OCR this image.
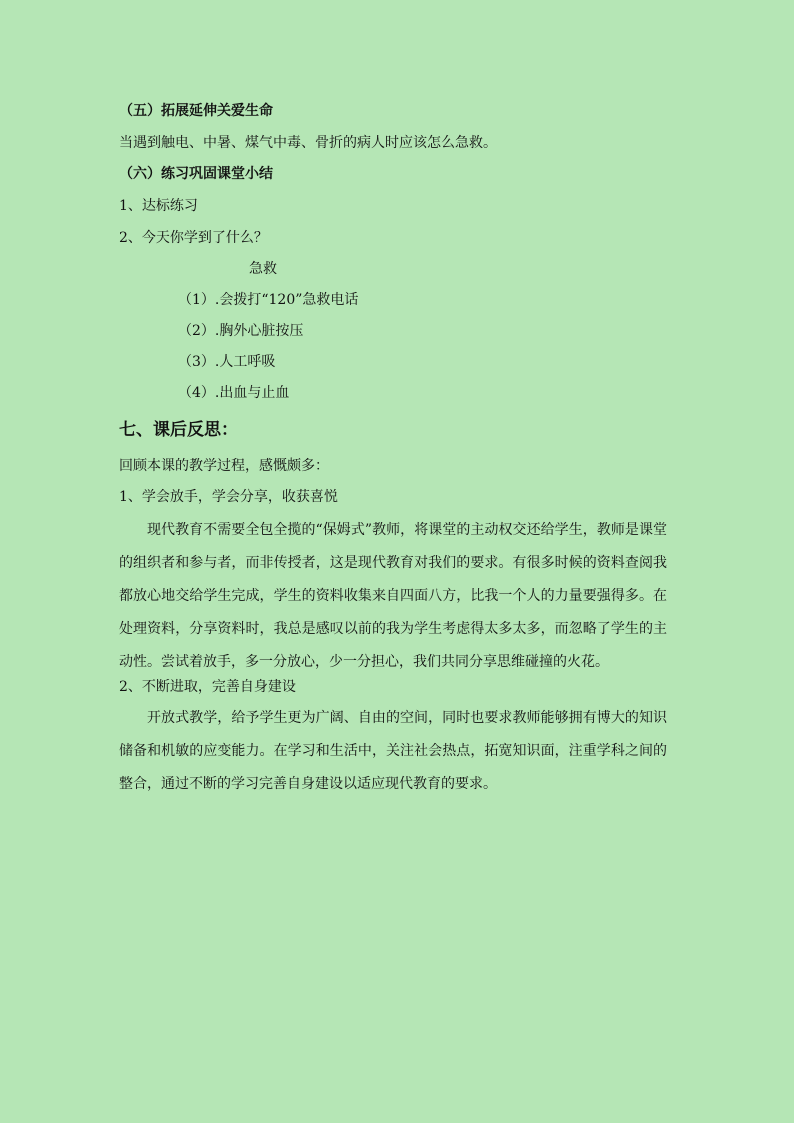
（五）拓展延伸关爱生命
当遇到触电、中暑、煤气中毒、骨折的病人时应该怎么急救。
（六）练习巩固课堂小结
1、达标练习
2、今天你学到了什么？
急救
（1）.会拨打“120”急救电话
（2）.胸外心脏按压
（3）.人工呼吸
（4）.出血与止血
七、课后反思：
回顾本课的教学过程，感慨颇多：
1、学会放手，学会分享，收获喜悦
现代教育不需要全包全揽的“保姆式”教师，将课堂的主动权交还给学生，教师是课堂的组织者和参与者，而非传授者，这是现代教育对我们的要求。有很多时候的资料查阅我都放心地交给学生完成，学生的资料收集来自四面八方，比我一个人的力量要强得多。在处理资料，分享资料时，我总是感叹以前的我为学生考虑得太多太多，而忽略了学生的主动性。尝试着放手，多一分放心，少一分担心，我们共同分享思维碰撞的火花。
2、不断进取，完善自身建设
开放式教学，给予学生更为广阔、自由的空间，同时也要求教师能够拥有博大的知识储备和机敏的应变能力。在学习和生活中，关注社会热点，拓宽知识面，注重学科之间的整合，通过不断的学习完善自身建设以适应现代教育的要求。
